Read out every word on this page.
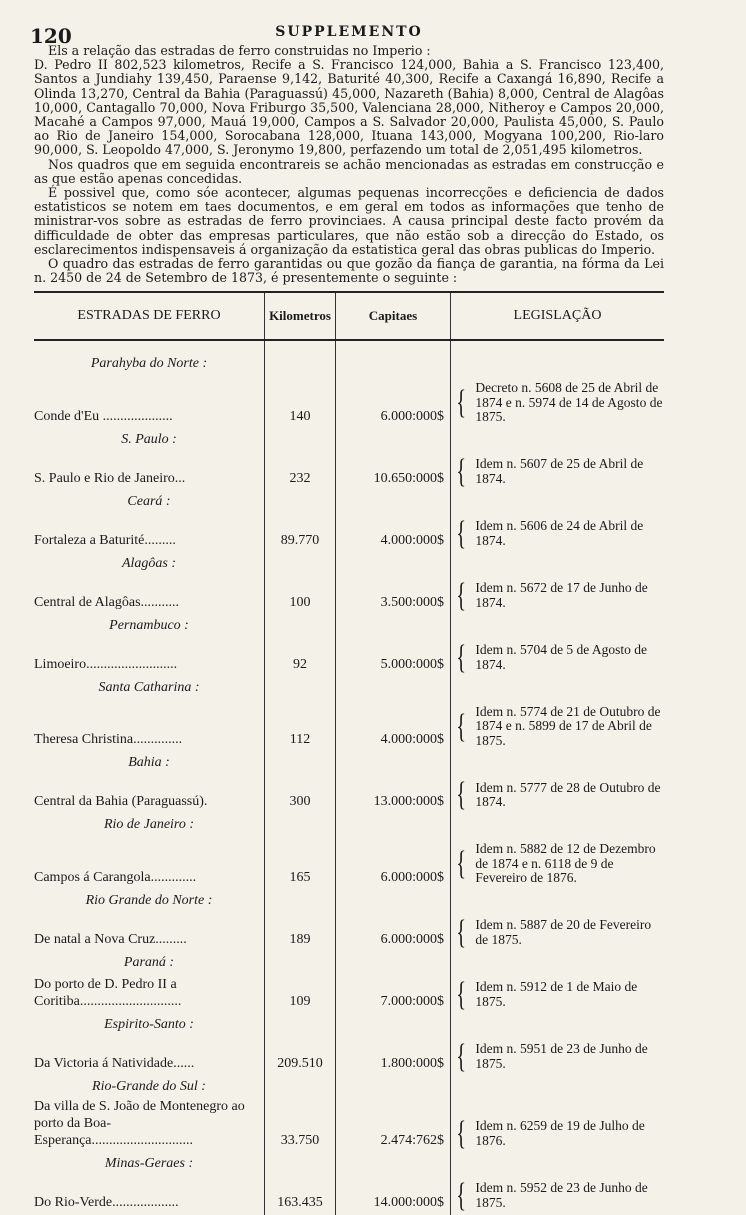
120	SUPPLEMENTO

Els a relação das estradas de ferro construidas no Imperio :

D. Pedro II 802,523 kilometros, Recife a S. Francisco 124,000, Bahia a S. Francisco 123,400, Santos a Jundiahy 139,450, Paraense 9,142, Baturité 40,300, Recife a Caxangá 16,890, Recife a Olinda 13,270, Central da Bahia (Paraguassú) 45,000, Nazareth (Bahia) 8,000, Central de Alagôas 10,000, Cantagallo 70,000, Nova Friburgo 35,500, Valenciana 28,000, Nitheroy e Campos 20,000, Macahé a Campos 97,000, Mauá 19,000, Campos a S. Salvador 20,000, Paulista 45,000, S. Paulo ao Rio de Janeiro 154,000, Sorocabana 128,000, Ituana 143,000, Mogyana 100,200, Rio-laro 90,000, S. Leopoldo 47,000, S. Jeronymo 19,800, perfazendo um total de 2,051,495 kilometros.

Nos quadros que em seguida encontrareis se achão mencionadas as estradas em construcção e as que estão apenas concedidas.

É possivel que, como sóe acontecer, algumas pequenas incorrecções e deficiencia de dados estatisticos se notem em taes documentos, e em geral em todos as informações que tenho de ministrar-vos sobre as estradas de ferro provinciaes. A causa principal deste facto provém da difficuldade de obter das empresas particulares, que não estão sob a direcção do Estado, os esclarecimentos indispensaveis á organização da estatistica geral das obras publicas do Imperio.

O quadro das estradas de ferro garantidas ou que gozão da fiança de garantia, na fórma da Lei n. 2450 de 24 de Setembro de 1873, é presentemente o seguinte :

ESTRADAS DE FERRO	Kilometros	Capitaes	LEGISLAÇÃO
Parahyba do Norte :			

Conde d'Eu ....................	140	6.000:000$	{ Decreto n. 5608 de 25 de Abril de 1874 e n. 5974 de 14 de Agosto de 1875.

S. Paulo :			

S. Paulo e Rio de Janeiro...	232	10.650:000$	{ Idem n. 5607 de 25 de Abril de 1874.

Ceará :			

Fortaleza a Baturité.........	89.770	4.000:000$	{ Idem n. 5606 de 24 de Abril de 1874.

Alagôas :			

Central de Alagôas...........	100	3.500:000$	{ Idem n. 5672 de 17 de Junho de 1874.

Pernambuco :			

Limoeiro..........................	92	5.000:000$	{ Idem n. 5704 de 5 de Agosto de 1874.

Santa Catharina :			

Theresa Christina..............	112	4.000:000$	{ Idem n. 5774 de 21 de Outubro de 1874 e n. 5899 de 17 de Abril de 1875.

Bahia :			

Central da Bahia (Paraguassú).	300	13.000:000$	{ Idem n. 5777 de 28 de Outubro de 1874.

Rio de Janeiro :			

Campos á Carangola.............	165	6.000:000$	{ Idem n. 5882 de 12 de Dezembro de 1874 e n. 6118 de 9 de Fevereiro de 1876.

Rio Grande do Norte :			

De natal a Nova Cruz.........	189	6.000:000$	{ Idem n. 5887 de 20 de Fevereiro de 1875.

Paraná :			

Do porto de D. Pedro II a Coritiba.............................	109	7.000:000$	{ Idem n. 5912 de 1 de Maio de 1875.

Espirito-Santo :			

Da Victoria á Natividade......	209.510	1.800:000$	{ Idem n. 5951 de 23 de Junho de 1875.

Rio-Grande do Sul :			

Da villa de S. João de Montenegro ao porto da Boa-Esperança.............................	33.750	2.474:762$	{ Idem n. 6259 de 19 de Julho de 1876.

Minas-Geraes :			

Do Rio-Verde...................	163.435	14.000:000$	{ Idem n. 5952 de 23 de Junho de 1875.
